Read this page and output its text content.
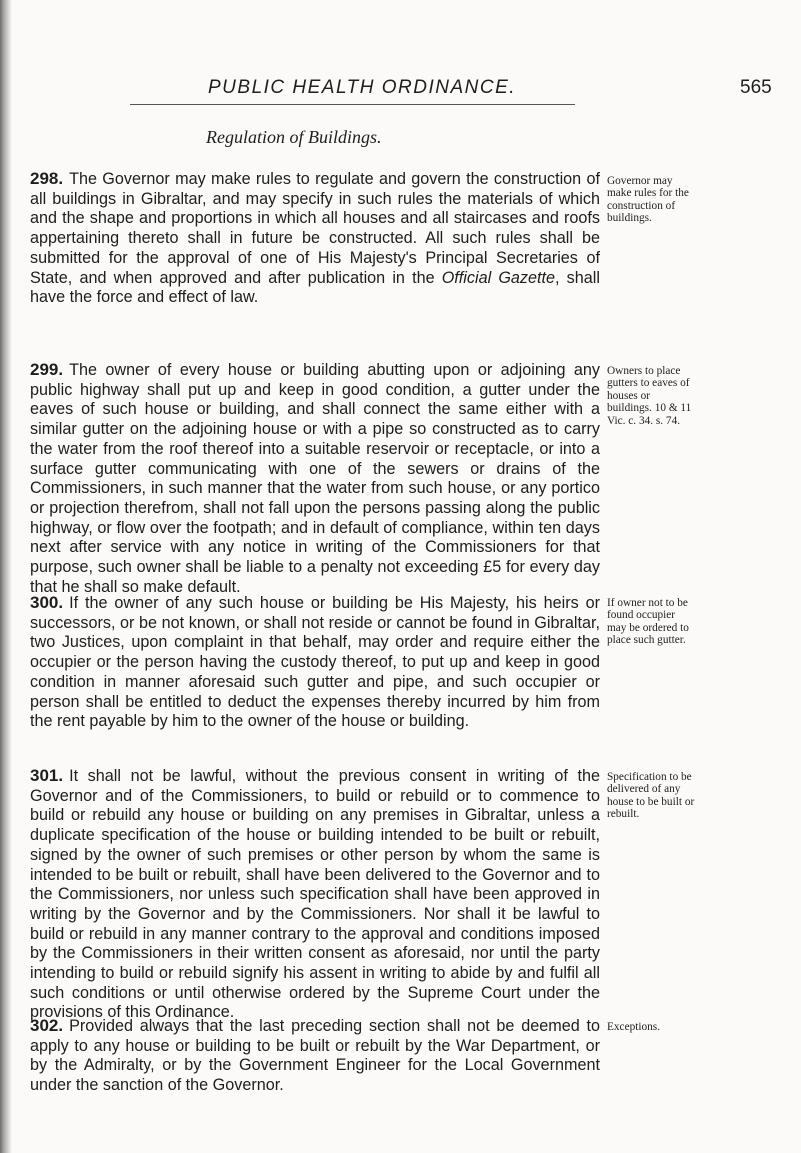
PUBLIC HEALTH ORDINANCE.	565
Regulation of Buildings.

298. The Governor may make rules to regulate and govern the construction of all buildings in Gibraltar, and may specify in such rules the materials of which and the shape and proportions in which all houses and all staircases and roofs appertaining thereto shall in future be constructed. All such rules shall be submitted for the approval of one of His Majesty's Principal Secretaries of State, and when approved and after publication in the Official Gazette, shall have the force and effect of law.

Governor may make rules for the construction of buildings.

299. The owner of every house or building abutting upon or adjoining any public highway shall put up and keep in good condition, a gutter under the eaves of such house or building, and shall connect the same either with a similar gutter on the adjoining house or with a pipe so constructed as to carry the water from the roof thereof into a suitable reservoir or receptacle, or into a surface gutter communicating with one of the sewers or drains of the Commissioners, in such manner that the water from such house, or any portico or projection therefrom, shall not fall upon the persons passing along the public highway, or flow over the footpath; and in default of compliance, within ten days next after service with any notice in writing of the Commissioners for that purpose, such owner shall be liable to a penalty not exceeding £5 for every day that he shall so make default.

Owners to place gutters to eaves of houses or buildings. 10 & 11 Vic. c. 34. s. 74.

300. If the owner of any such house or building be His Majesty, his heirs or successors, or be not known, or shall not reside or cannot be found in Gibraltar, two Justices, upon complaint in that behalf, may order and require either the occupier or the person having the custody thereof, to put up and keep in good condition in manner aforesaid such gutter and pipe, and such occupier or person shall be entitled to deduct the expenses thereby incurred by him from the rent payable by him to the owner of the house or building.

If owner not to be found occupier may be ordered to place such gutter.

301. It shall not be lawful, without the previous consent in writing of the Governor and of the Commissioners, to build or rebuild or to commence to build or rebuild any house or building on any premises in Gibraltar, unless a duplicate specification of the house or building intended to be built or rebuilt, signed by the owner of such premises or other person by whom the same is intended to be built or rebuilt, shall have been delivered to the Governor and to the Commissioners, nor unless such specification shall have been approved in writing by the Governor and by the Commissioners. Nor shall it be lawful to build or rebuild in any manner contrary to the approval and conditions imposed by the Commissioners in their written consent as aforesaid, nor until the party intending to build or rebuild signify his assent in writing to abide by and fulfil all such conditions or until otherwise ordered by the Supreme Court under the provisions of this Ordinance.

Specification to be delivered of any house to be built or rebuilt.

302. Provided always that the last preceding section shall not be deemed to apply to any house or building to be built or rebuilt by the War Department, or by the Admiralty, or by the Government Engineer for the Local Government under the sanction of the Governor.

Exceptions.
